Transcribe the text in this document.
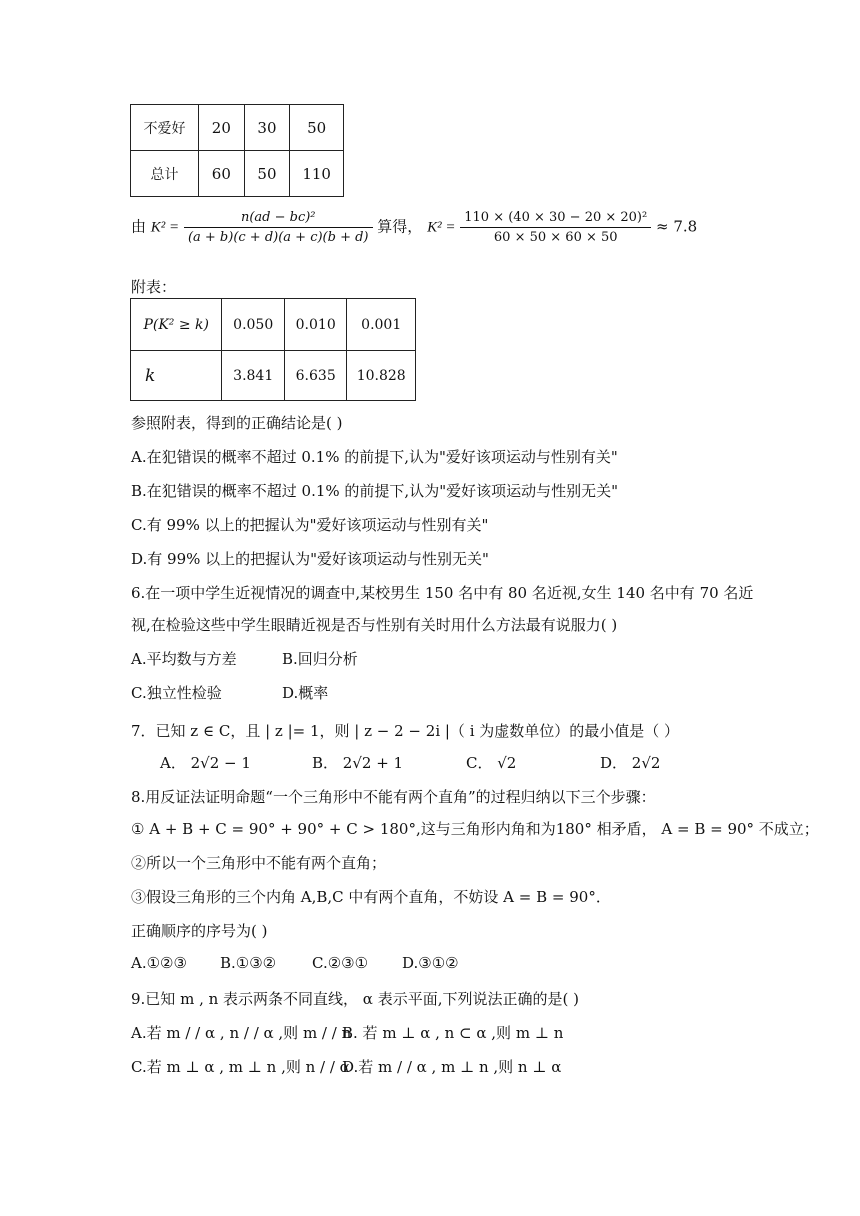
不爱好	20	30	50
总计	60	50	110
由 $K^2 = \frac{\text{n(ad − bc)²}}{(a + b)(c + d)(a + c)(b + d)}$ 算得， $K^2 = \frac{\text{110 × (40 × 30 − 20 × 20)²}}{60 \times 50 \times 60 \times 50} \approx 7.8$
附表：
P(K² ≥ k)	0.050	0.010	0.001
k	3.841	6.635	10.828
参照附表，得到的正确结论是( )
A.在犯错误的概率不超过 0.1% 的前提下,认为"爱好该项运动与性别有关"
B.在犯错误的概率不超过 0.1% 的前提下,认为"爱好该项运动与性别无关"
C.有 99% 以上的把握认为"爱好该项运动与性别有关"
D.有 99% 以上的把握认为"爱好该项运动与性别无关"
6.在一项中学生近视情况的调查中,某校男生 150 名中有 80 名近视,女生 140 名中有 70 名近
视,在检验这些中学生眼睛近视是否与性别有关时用什么方法最有说服力( )
A.平均数与方差	B.回归分析
C.独立性检验	D.概率
7．已知 z ∈ C，且 | z |= 1，则 | z − 2 − 2i |（ i 为虚数单位）的最小值是（ ）
A． 2√2 − 1	B． 2√2 + 1	C． √2	D． 2√2
8.用反证法证明命题“一个三角形中不能有两个直角”的过程归纳以下三个步骤：
① A + B + C = 90° + 90° + C > 180°,这与三角形内角和为180° 相矛盾， A = B = 90° 不成立；
②所以一个三角形中不能有两个直角；
③假设三角形的三个内角 A,B,C 中有两个直角，不妨设 A = B = 90°．
正确顺序的序号为( )
A.①②③ B.①③② C.②③① D.③①②
9.已知 m , n 表示两条不同直线， α 表示平面,下列说法正确的是( )
A.若 m / / α , n / / α ,则 m / / n
B. 若 m ⊥ α , n ⊂ α ,则 m ⊥ n
C.若 m ⊥ α , m ⊥ n ,则 n / / α
D.若 m / / α , m ⊥ n ,则 n ⊥ α
